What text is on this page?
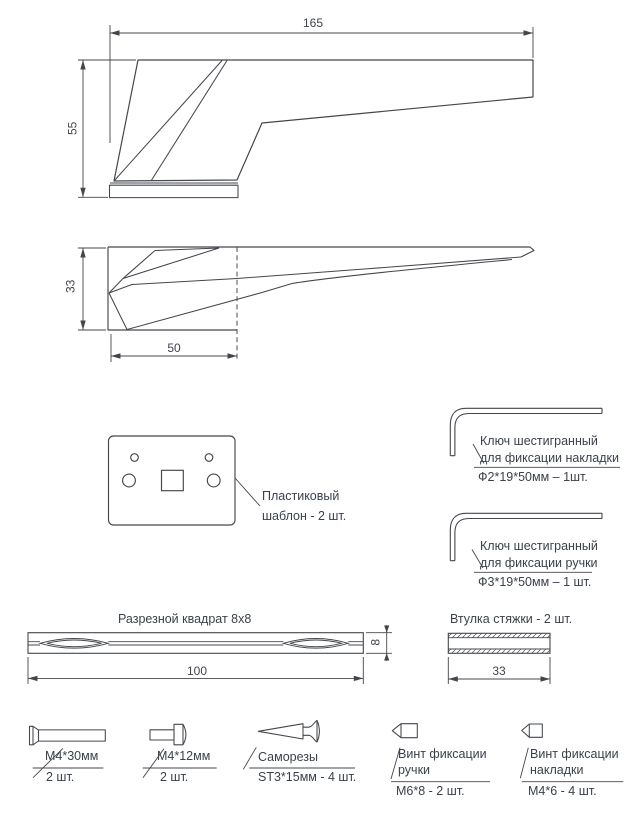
165
55
33
50
Пластиковый
шаблон - 2 шт.
Ключ шестигранный
для фиксации накладки
Ф2*19*50мм – 1шт.
Ключ шестигранный
для фиксации ручки
Ф3*19*50мм – 1 шт.
Разрезной квадрат 8x8
100
8
Втулка стяжки - 2 шт.
33
М4*30мм
2 шт.
М4*12мм
2 шт.
Саморезы
ST3*15мм - 4 шт.
Винт фиксации
ручки
М6*8 - 2 шт.
Винт фиксации
накладки
М4*6 - 4 шт.
